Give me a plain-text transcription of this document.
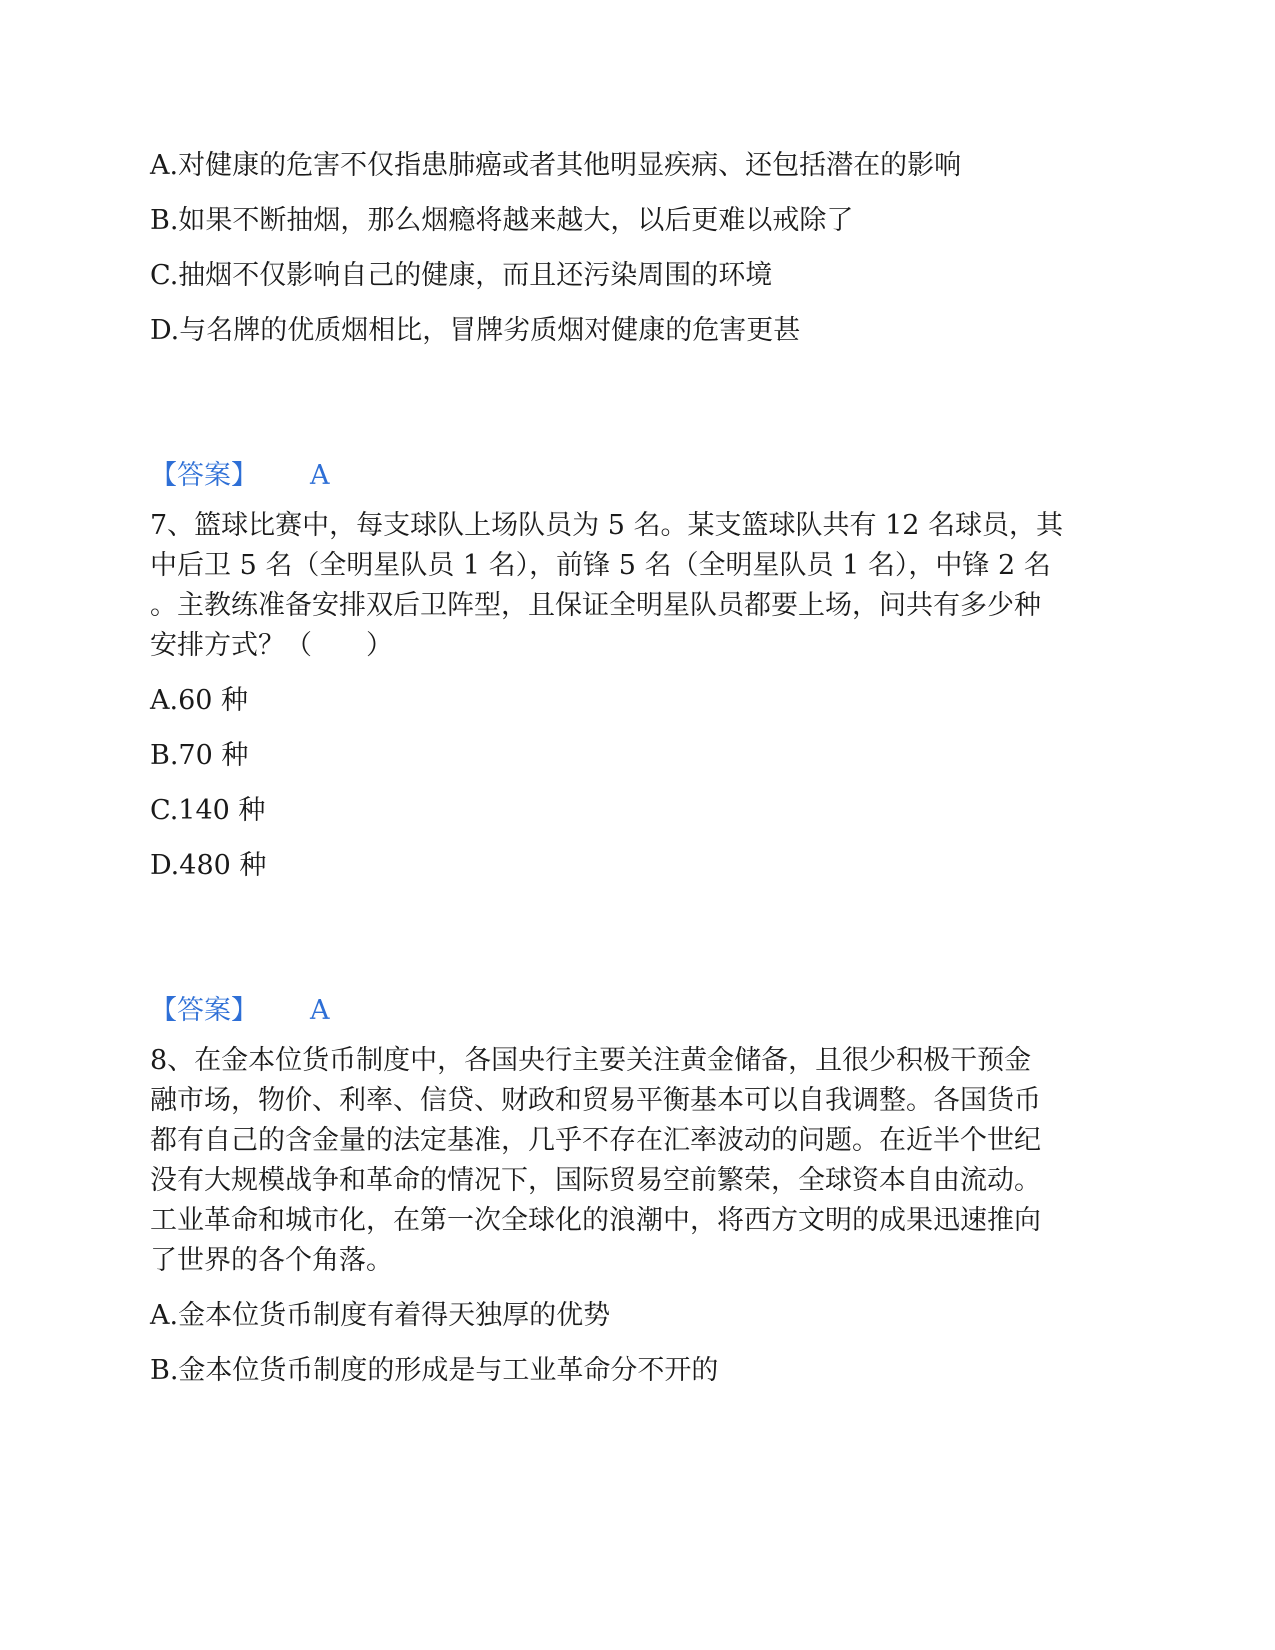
A.对健康的危害不仅指患肺癌或者其他明显疾病、还包括潜在的影响
B.如果不断抽烟，那么烟瘾将越来越大，以后更难以戒除了
C.抽烟不仅影响自己的健康，而且还污染周围的环境
D.与名牌的优质烟相比，冒牌劣质烟对健康的危害更甚
【答案】 A
7、篮球比赛中，每支球队上场队员为 5 名。某支篮球队共有 12 名球员，其
中后卫 5 名（全明星队员 1 名），前锋 5 名（全明星队员 1 名），中锋 2 名
。主教练准备安排双后卫阵型，且保证全明星队员都要上场，问共有多少种
安排方式？（　　）
A.60 种
B.70 种
C.140 种
D.480 种
【答案】 A
8、在金本位货币制度中，各国央行主要关注黄金储备，且很少积极干预金
融市场，物价、利率、信贷、财政和贸易平衡基本可以自我调整。各国货币
都有自己的含金量的法定基准，几乎不存在汇率波动的问题。在近半个世纪
没有大规模战争和革命的情况下，国际贸易空前繁荣，全球资本自由流动。
工业革命和城市化，在第一次全球化的浪潮中，将西方文明的成果迅速推向
了世界的各个角落。
A.金本位货币制度有着得天独厚的优势
B.金本位货币制度的形成是与工业革命分不开的
